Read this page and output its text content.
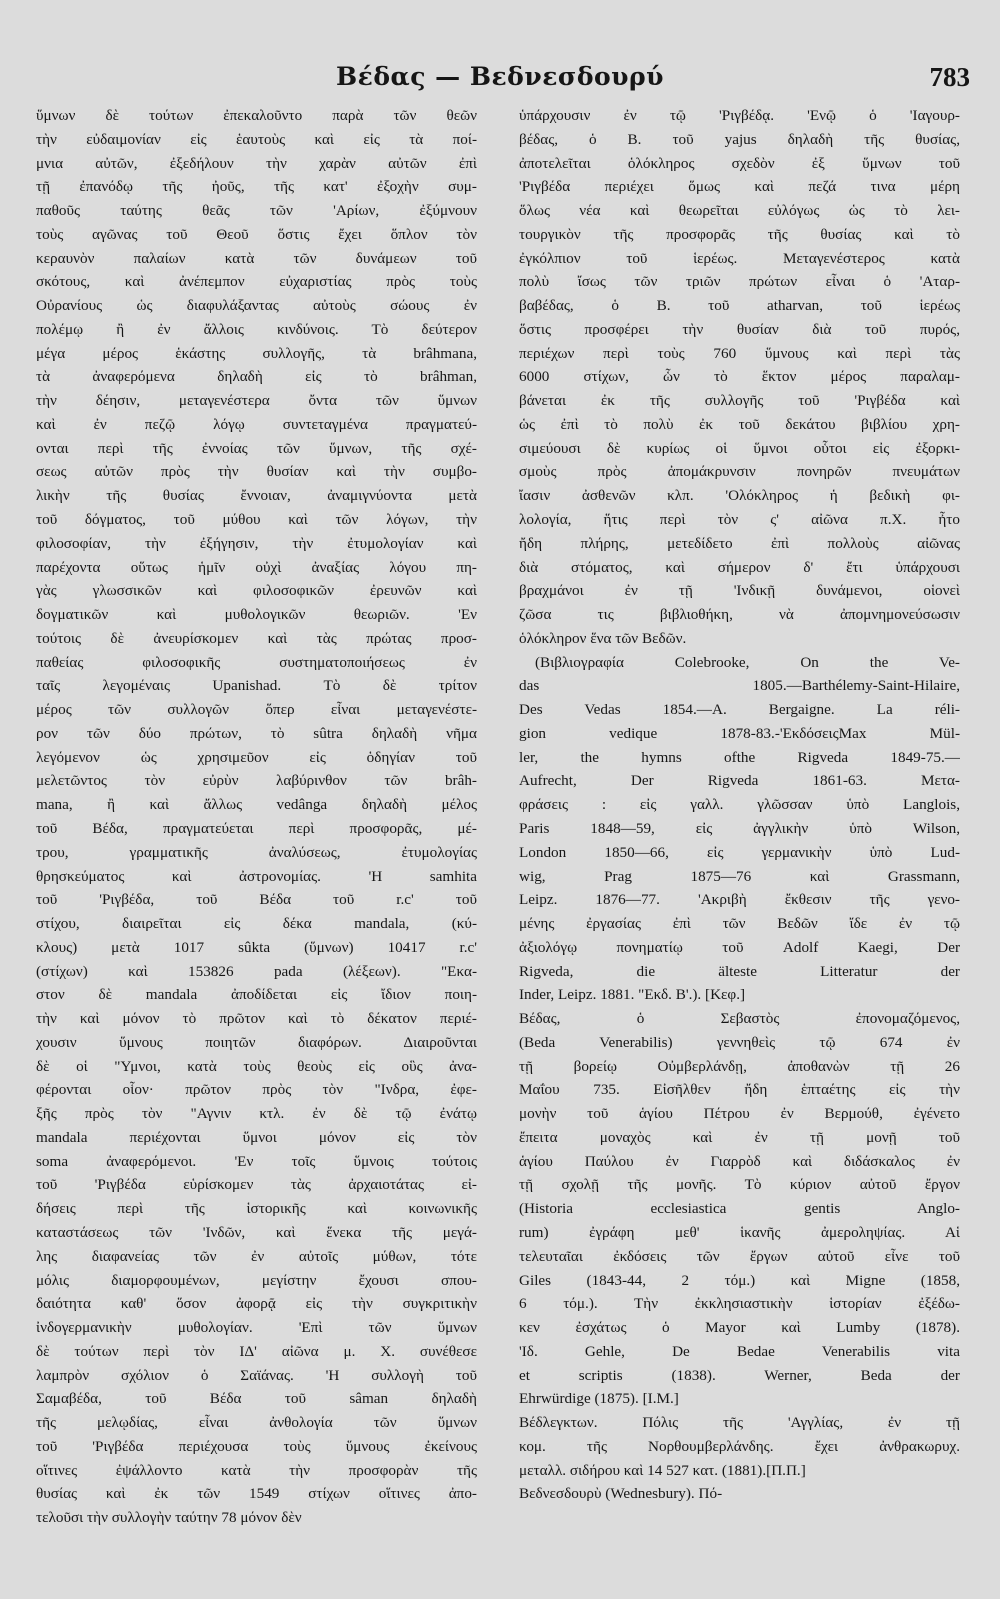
Βέδας — Βεδνεσδουρύ	783
ὕμνων δὲ τούτων ἐπεκαλοῦντο παρὰ τῶν θεῶν
τὴν εὐδαιμονίαν εἰς ἑαυτοὺς καὶ εἰς τὰ ποί-
μνια αὐτῶν, ἐξεδήλουν τὴν χαρὰν αὐτῶν ἐπὶ
τῇ ἐπανόδῳ τῆς ἠοῦς, τῆς κατ' ἐξοχὴν συμ-
παθοῦς ταύτης θεᾶς τῶν 'Αρίων, ἐξύμνουν
τοὺς αγῶνας τοῦ Θεοῦ ὅστις ἔχει ὅπλον τὸν
κεραυνὸν παλαίων κατὰ τῶν δυνάμεων τοῦ
σκότους, καὶ ἀνέπεμπον εὐχαριστίας πρὸς τοὺς
Οὐρανίους ὡς διαφυλάξαντας αὐτοὺς σώους ἐν
πολέμῳ ἢ ἐν ἄλλοις κινδύνοις. Τὸ δεύτερον
μέγα μέρος ἑκάστης συλλογῆς, τὰ brâhmana,
τὰ ἀναφερόμενα δηλαδὴ εἰς τὸ brâhman,
τὴν δέησιν, μεταγενέστερα ὄντα τῶν ὕμνων
καὶ ἐν πεζῷ λόγῳ συντεταγμένα πραγματεύ-
ονται περὶ τῆς ἐννοίας τῶν ὕμνων, τῆς σχέ-
σεως αὐτῶν πρὸς τὴν θυσίαν καὶ τὴν συμβο-
λικὴν τῆς θυσίας ἔννοιαν, ἀναμιγνύοντα μετὰ
τοῦ δόγματος, τοῦ μύθου καὶ τῶν λόγων, τὴν
φιλοσοφίαν, τὴν ἐξήγησιν, τὴν ἐτυμολογίαν καὶ
παρέχοντα οὕτως ἡμῖν οὐχὶ ἀναξίας λόγου πη-
γὰς γλωσσικῶν καὶ φιλοσοφικῶν ἐρευνῶν καὶ
δογματικῶν καὶ μυθολογικῶν θεωριῶν. 'Εν
τούτοις δὲ ἀνευρίσκομεν καὶ τὰς πρώτας προσ-
παθείας φιλοσοφικῆς συστηματοποιήσεως ἐν
ταῖς λεγομέναις Upanishad. Τὸ δὲ τρίτον
μέρος τῶν συλλογῶν ὅπερ εἶναι μεταγενέστε-
ρον τῶν δύο πρώτων, τὸ sûtra δηλαδὴ νῆμα
λεγόμενον ὡς χρησιμεῦον εἰς ὁδηγίαν τοῦ
μελετῶντος τὸν εὐρὺν λαβύρινθον τῶν brâh-
mana, ἢ καὶ ἄλλως vedânga δηλαδὴ μέλος
τοῦ Βέδα, πραγματεύεται περὶ προσφορᾶς, μέ-
τρου, γραμματικῆς ἀναλύσεως, ἐτυμολογίας
θρησκεύματος καὶ ἀστρονομίας. 'Η samhita
τοῦ 'Ριγβέδα, τοῦ Βέδα τοῦ r.c' τοῦ
στίχου, διαιρεῖται εἰς δέκα mandala, (κύ-
κλους) μετὰ 1017 sûkta (ὕμνων) 10417 r.c'
(στίχων) καὶ 153826 pada (λέξεων). "Εκα-
στον δὲ mandala ἀποδίδεται εἰς ἴδιον ποιη-
τὴν καὶ μόνον τὸ πρῶτον καὶ τὸ δέκατον περιέ-
χουσιν ὕμνους ποιητῶν διαφόρων. Διαιροῦνται
δὲ οἱ "Υμνοι, κατὰ τοὺς θεοὺς εἰς οὓς ἀνα-
φέρονται οἷον· πρῶτον πρὸς τὸν "Ινδρα, ἐφε-
ξῆς πρὸς τὸν "Αγνιν κτλ. ἐν δὲ τῷ ἐνάτῳ
mandala περιέχονται ὕμνοι μόνον εἰς τὸν
soma ἀναφερόμενοι. 'Εν τοῖς ὕμνοις τούτοις
τοῦ 'Ριγβέδα εὑρίσκομεν τὰς ἀρχαιοτάτας εἰ-
δήσεις περὶ τῆς ἱστορικῆς καὶ κοινωνικῆς
καταστάσεως τῶν 'Ινδῶν, καὶ ἕνεκα τῆς μεγά-
λης διαφανείας τῶν ἐν αὐτοῖς μύθων, τότε
μόλις διαμορφουμένων, μεγίστην ἔχουσι σπου-
δαιότητα καθ' ὅσον ἀφορᾷ εἰς τὴν συγκριτικὴν
ἰνδογερμανικὴν μυθολογίαν. 'Επὶ τῶν ὕμνων
δὲ τούτων περὶ τὸν ΙΔ' αἰῶνα μ. Χ. συνέθεσε
λαμπρὸν σχόλιον ὁ Σαϊάνας. 'Η συλλογὴ τοῦ
Σαμαβέδα, τοῦ Βέδα τοῦ sâman δηλαδὴ
τῆς μελῳδίας, εἶναι ἀνθολογία τῶν ὕμνων
τοῦ 'Ριγβέδα περιέχουσα τοὺς ὕμνους ἐκείνους
οἵτινες ἐψάλλοντο κατὰ τὴν προσφορὰν τῆς
θυσίας καὶ ἐκ τῶν 1549 στίχων οἵτινες ἀπο-
τελοῦσι τὴν συλλογὴν ταύτην 78 μόνον δὲν
ὑπάρχουσιν ἐν τῷ 'Ριγβέδᾳ. 'Ενῷ ὁ 'Ιαγουρ-
βέδας, ὁ Β. τοῦ yajus δηλαδὴ τῆς θυσίας,
ἀποτελεῖται ὁλόκληρος σχεδὸν ἐξ ὕμνων τοῦ
'Ριγβέδα περιέχει ὅμως καὶ πεζά τινα μέρη
ὅλως νέα καὶ θεωρεῖται εὐλόγως ὡς τὸ λει-
τουργικὸν τῆς προσφορᾶς τῆς θυσίας καὶ τὸ
ἐγκόλπιον τοῦ ἱερέως. Μεταγενέστερος κατὰ
πολὺ ἴσως τῶν τριῶν πρώτων εἶναι ὁ 'Αταρ-
βαβέδας, ὁ Β. τοῦ atharvan, τοῦ ἱερέως
ὅστις προσφέρει τὴν θυσίαν διὰ τοῦ πυρός,
περιέχων περὶ τοὺς 760 ὕμνους καὶ περὶ τὰς
6000 στίχων, ὧν τὸ ἕκτον μέρος παραλαμ-
βάνεται ἐκ τῆς συλλογῆς τοῦ 'Ριγβέδα καὶ
ὡς ἐπὶ τὸ πολὺ ἐκ τοῦ δεκάτου βιβλίου χρη-
σιμεύουσι δὲ κυρίως οἱ ὕμνοι οὗτοι εἰς ἐξορκι-
σμοὺς πρὸς ἀπομάκρυνσιν πονηρῶν πνευμάτων
ἴασιν ἀσθενῶν κλπ. 'Ολόκληρος ἡ βεδικὴ φι-
λολογία, ἥτις περὶ τὸν ς' αἰῶνα π.Χ. ἦτο
ἤδη πλήρης, μετεδίδετο ἐπὶ πολλοὺς αἰῶνας
διὰ στόματος, καὶ σήμερον δ' ἔτι ὑπάρχουσι
βραχμάνοι ἐν τῇ 'Ινδικῇ δυνάμενοι, οἱονεὶ
ζῶσα τις βιβλιοθήκη, νὰ ἀπομνημονεύσωσιν
ὁλόκληρον ἕνα τῶν Βεδῶν.
(Βιβλιογραφία Colebrooke, On the Ve-
das 1805.—Barthélemy-Saint-Hilaire,
Des Vedas 1854.—A. Bergaigne. La réli-
gion vedique 1878-83.-'ΕκδόσειςMax Mül-
ler, the hymns ofthe Rigveda 1849-75.—
Aufrecht, Der Rigveda 1861-63. Μετα-
φράσεις : εἰς γαλλ. γλῶσσαν ὑπὸ Langlois,
Paris 1848—59, εἰς ἀγγλικὴν ὑπὸ Wilson,
London 1850—66, εἰς γερμανικὴν ὑπὸ Lud-
wig, Prag 1875—76 καὶ Grassmann,
Leipz. 1876—77. 'Ακριβὴ ἔκθεσιν τῆς γενο-
μένης ἐργασίας ἐπὶ τῶν Βεδῶν ἴδε ἐν τῷ
ἀξιολόγῳ πονηματίῳ τοῦ Adolf Kaegi, Der
Rigveda, die älteste Litteratur der
Inder, Leipz. 1881. "Εκδ. Β'.). [Κεφ.]
Βέδας, ὁ Σεβαστὸς ἐπονομαζόμενος,
(Beda Venerabilis) γεννηθεὶς τῷ 674 ἐν
τῇ βορείῳ Οὐμβερλάνδῃ, ἀποθανὼν τῇ 26
Μαΐου 735. Εἰσῆλθεν ἤδη ἑπταέτης εἰς τὴν
μονὴν τοῦ ἁγίου Πέτρου ἐν Βερμούθ, ἐγένετο
ἔπειτα μοναχὸς καὶ ἐν τῇ μονῇ τοῦ
ἁγίου Παύλου ἐν Γιαρρὸδ καὶ διδάσκαλος ἐν
τῇ σχολῇ τῆς μονῆς. Τὸ κύριον αὐτοῦ ἔργον
(Historia ecclesiastica gentis Anglo-
rum) ἐγράφη μεθ' ἱκανῆς ἀμεροληψίας. Αἱ
τελευταῖαι ἐκδόσεις τῶν ἔργων αὐτοῦ εἶνε τοῦ
Giles (1843-44, 2 τόμ.) καὶ Migne (1858,
6 τόμ.). Τὴν ἐκκλησιαστικὴν ἱστορίαν ἐξέδω-
κεν ἐσχάτως ὁ Mayor καὶ Lumby (1878).
'Ιδ. Gehle, De Bedae Venerabilis vita
et scriptis (1838). Werner, Beda der
Ehrwürdige (1875). [Ι.Μ.]
Βέδλεγκτων. Πόλις τῆς 'Αγγλίας, ἐν τῇ
κομ. τῆς Νορθουμβερλάνδης. ἔχει ἀνθρακωρυχ.
μεταλλ. σιδήρου καὶ 14 527 κατ. (1881).[Π.Π.]
Βεδνεσδουρὺ (Wednesbury). Πό-
